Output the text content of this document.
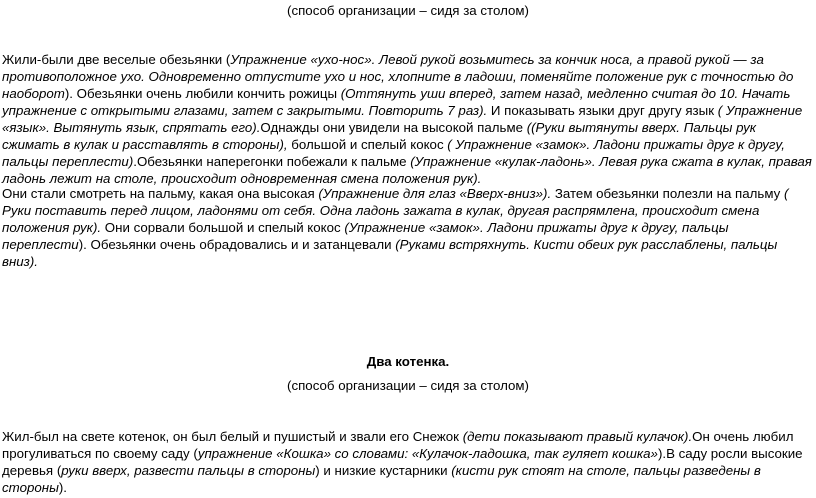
(способ организации – сидя за столом)

Жили-были две веселые обезьянки (Упражнение «ухо-нос». Левой рукой возьмитесь за кончик носа, а правой рукой — за противоположное ухо. Одновременно отпустите ухо и нос, хлопните в ладоши, поменяйте положение рук с точностью до наоборот). Обезьянки очень любили кончить рожицы (Оттянуть уши вперед, затем назад, медленно считая до 10. Начать упражнение с открытыми глазами, затем с закрытыми. Повторить 7 раз). И показывать языки друг другу язык ( Упражнение «язык». Вытянуть язык, спрятать его).Однажды они увидели на высокой пальме ((Руки вытянуты вверх. Пальцы рук сжимать в кулак и расставлять в стороны), большой и спелый кокос ( Упражнение «замок». Ладони прижаты друг к другу, пальцы переплести).Обезьянки наперегонки побежали к пальме (Упражнение «кулак-ладонь». Левая рука сжата в кулак, правая ладонь лежит на столе, происходит одновременная смена положения рук).

Они стали смотреть на пальму, какая она высокая (Упражнение для глаз «Вверх-вниз»). Затем обезьянки полезли на пальму ( Руки поставить перед лицом, ладонями от себя. Одна ладонь зажата в кулак, другая распрямлена, происходит смена положения рук). Они сорвали большой и спелый кокос (Упражнение «замок». Ладони прижаты друг к другу, пальцы переплести). Обезьянки очень обрадовались и и затанцевали (Руками встряхнуть. Кисти обеих рук расслаблены, пальцы вниз).

Два котенка.
(способ организации – сидя за столом)

Жил-был на свете котенок, он был белый и пушистый и звали его Снежок (дети показывают правый кулачок).Он очень любил прогуливаться по своему саду (упражнение «Кошка» со словами: «Кулачок-ладошка, так гуляет кошка»).В саду росли высокие деревья (руки вверх, развести пальцы в стороны) и низкие кустарники (кисти рук стоят на столе, пальцы разведены в стороны).
